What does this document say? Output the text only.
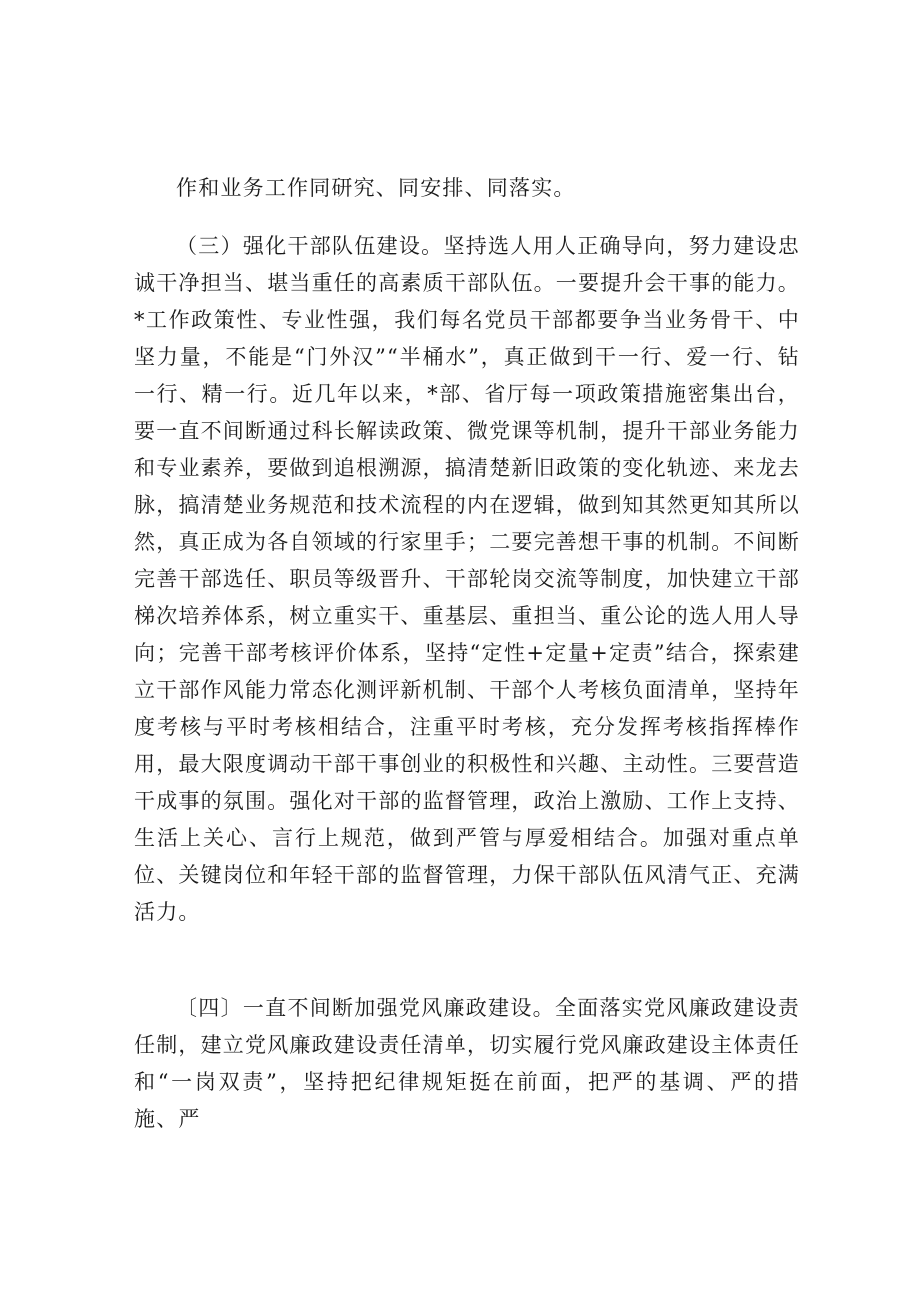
作和业务工作同研究、同安排、同落实。

（三）强化干部队伍建设。坚持选人用人正确导向，努力建设忠诚干净担当、堪当重任的高素质干部队伍。一要提升会干事的能力。*工作政策性、专业性强，我们每名党员干部都要争当业务骨干、中坚力量，不能是“门外汉”“半桶水”，真正做到干一行、爱一行、钻一行、精一行。近几年以来，*部、省厅每一项政策措施密集出台，要一直不间断通过科长解读政策、微党课等机制，提升干部业务能力和专业素养，要做到追根溯源，搞清楚新旧政策的变化轨迹、来龙去脉，搞清楚业务规范和技术流程的内在逻辑，做到知其然更知其所以然，真正成为各自领域的行家里手；二要完善想干事的机制。不间断完善干部选任、职员等级晋升、干部轮岗交流等制度，加快建立干部梯次培养体系，树立重实干、重基层、重担当、重公论的选人用人导向；完善干部考核评价体系，坚持“定性+定量+定责”结合，探索建立干部作风能力常态化测评新机制、干部个人考核负面清单，坚持年度考核与平时考核相结合，注重平时考核，充分发挥考核指挥棒作用，最大限度调动干部干事创业的积极性和兴趣、主动性。三要营造干成事的氛围。强化对干部的监督管理，政治上激励、工作上支持、生活上关心、言行上规范，做到严管与厚爱相结合。加强对重点单位、关键岗位和年轻干部的监督管理，力保干部队伍风清气正、充满活力。

〔四〕一直不间断加强党风廉政建设。全面落实党风廉政建设责任制，建立党风廉政建设责任清单，切实履行党风廉政建设主体责任和“一岗双责”，坚持把纪律规矩挺在前面，把严的基调、严的措施、严
